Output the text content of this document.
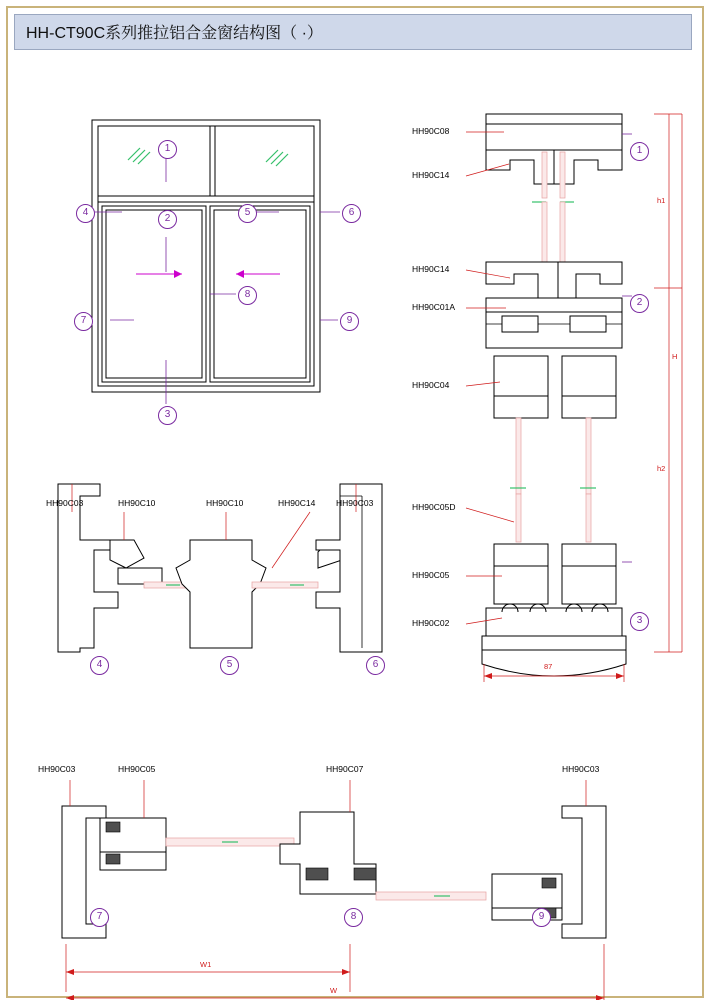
HH-CT90C系列推拉铝合金窗结构图（ ·）
1
2
3
4	5	6
7
8
9
HH90C08
HH90C14
HH90C14
HH90C01A
HH90C04
HH90C05D
HH90C05
HH90C02
1
2
3
h1
h2
H
87
HH90C03	HH90C10	HH90C10	HH90C14 HH90C03
4	5	6
HH90C03	HH90C05	HH90C07	HH90C03
7	8	9
W1
W
